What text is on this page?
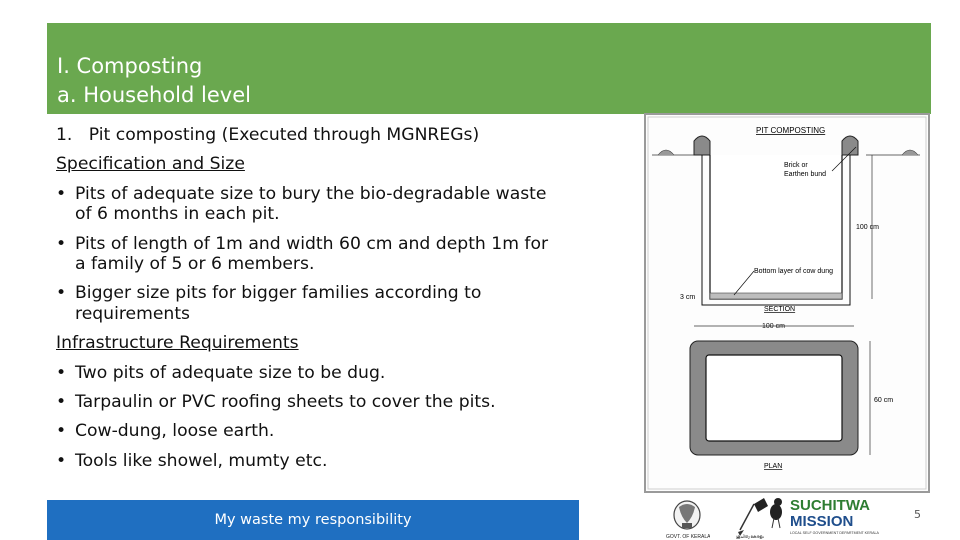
I. Composting
a. Household level
1.   Pit composting (Executed through MGNREGs)
Specification and Size
• Pits of adequate size to bury the bio-degradable waste
of 6 months in each pit.
• Pits of length of 1m and width 60 cm and depth 1m for
a family of 5 or 6 members.
• Bigger size pits for bigger families according to
requirements
Infrastructure Requirements
• Two pits of adequate size to be dug.
• Tarpaulin or PVC roofing sheets to cover the pits.
• Cow-dung, loose earth.
• Tools like showel, mumty etc.
PIT COMPOSTING
Brick or
Earthen bund
100 cm
Bottom layer of cow dung
3 cm
SECTION
100 cm
60 cm
PLAN
My waste my responsibility
GOVT. OF KERALA	ശുചിത്വ കേരളം
SUCHITWA
MISSION
LOCAL SELF GOVERNMENT DEPARTMENT KERALA
5
